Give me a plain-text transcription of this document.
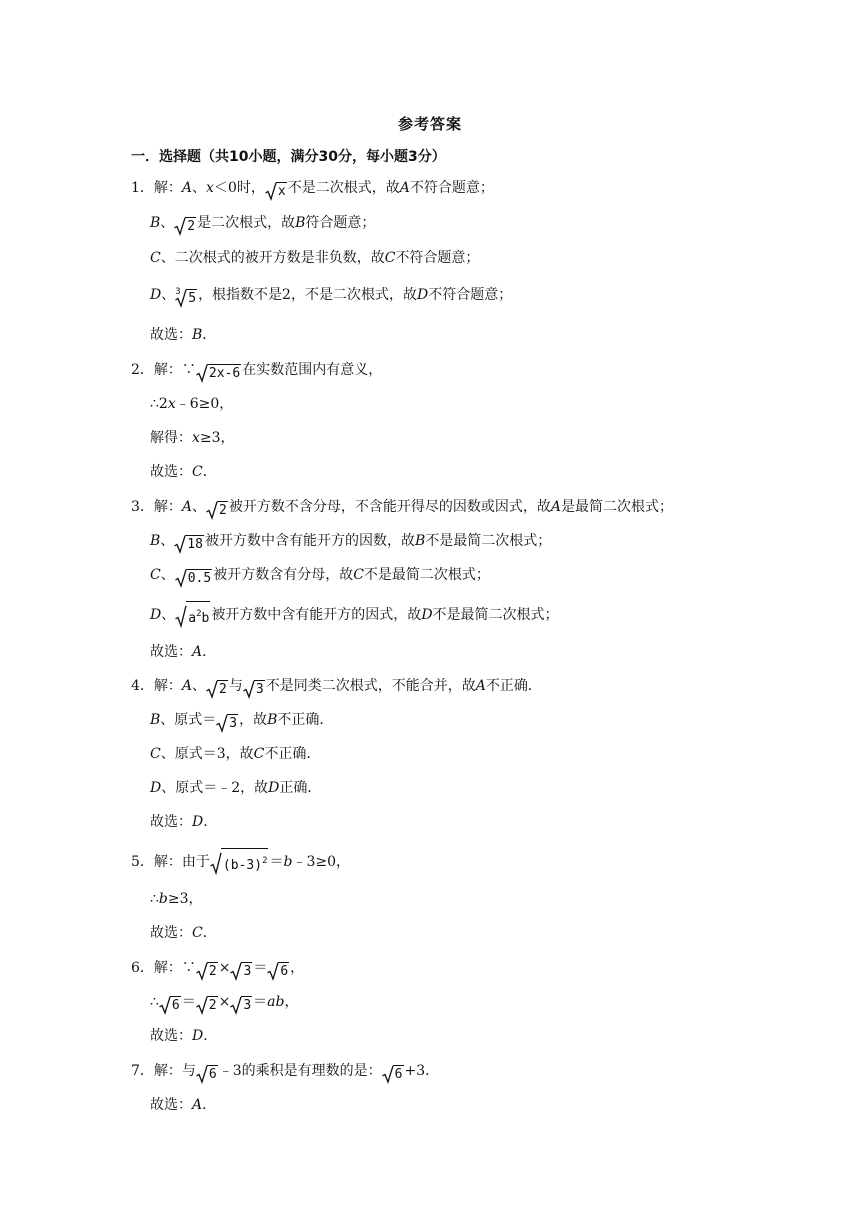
参考答案
一．选择题（共10小题，满分30分，每小题3分）
1．解：A、x＜0时， x 不是二次根式，故A不符合题意；
B、 2 是二次根式，故B符合题意；
C、二次根式的被开方数是非负数，故C不符合题意；
D、 3 5 ，根指数不是2，不是二次根式，故D不符合题意；
故选：B．
2．解：∵ 2x-6 在实数范围内有意义，
∴2x﹣6≥0，
解得：x≥3，
故选：C．
3．解：A、 2 被开方数不含分母，不含能开得尽的因数或因式，故A是最简二次根式；
B、 18 被开方数中含有能开方的因数，故B不是最简二次根式；
C、 0.5 被开方数含有分母，故C不是最简二次根式；
D、 $a^2b$ 被开方数中含有能开方的因式，故D不是最简二次根式；
故选：A．
4．解：A、 2 与 3 不是同类二次根式，不能合并，故A不正确．
B、原式＝ 3 ，故B不正确．
C、原式＝3，故C不正确．
D、原式＝﹣2，故D正确．
故选：D．
5．解：由于 $(b-3)^2$ ＝b﹣3≥0，
∴b≥3，
故选：C．
6．解：∵ 2 × 3 ＝ 6 ，
∴ 6 ＝ 2 × 3 ＝ab，
故选：D．
7．解：与 6 ﹣3的乘积是有理数的是： 6 +3．
故选：A．
